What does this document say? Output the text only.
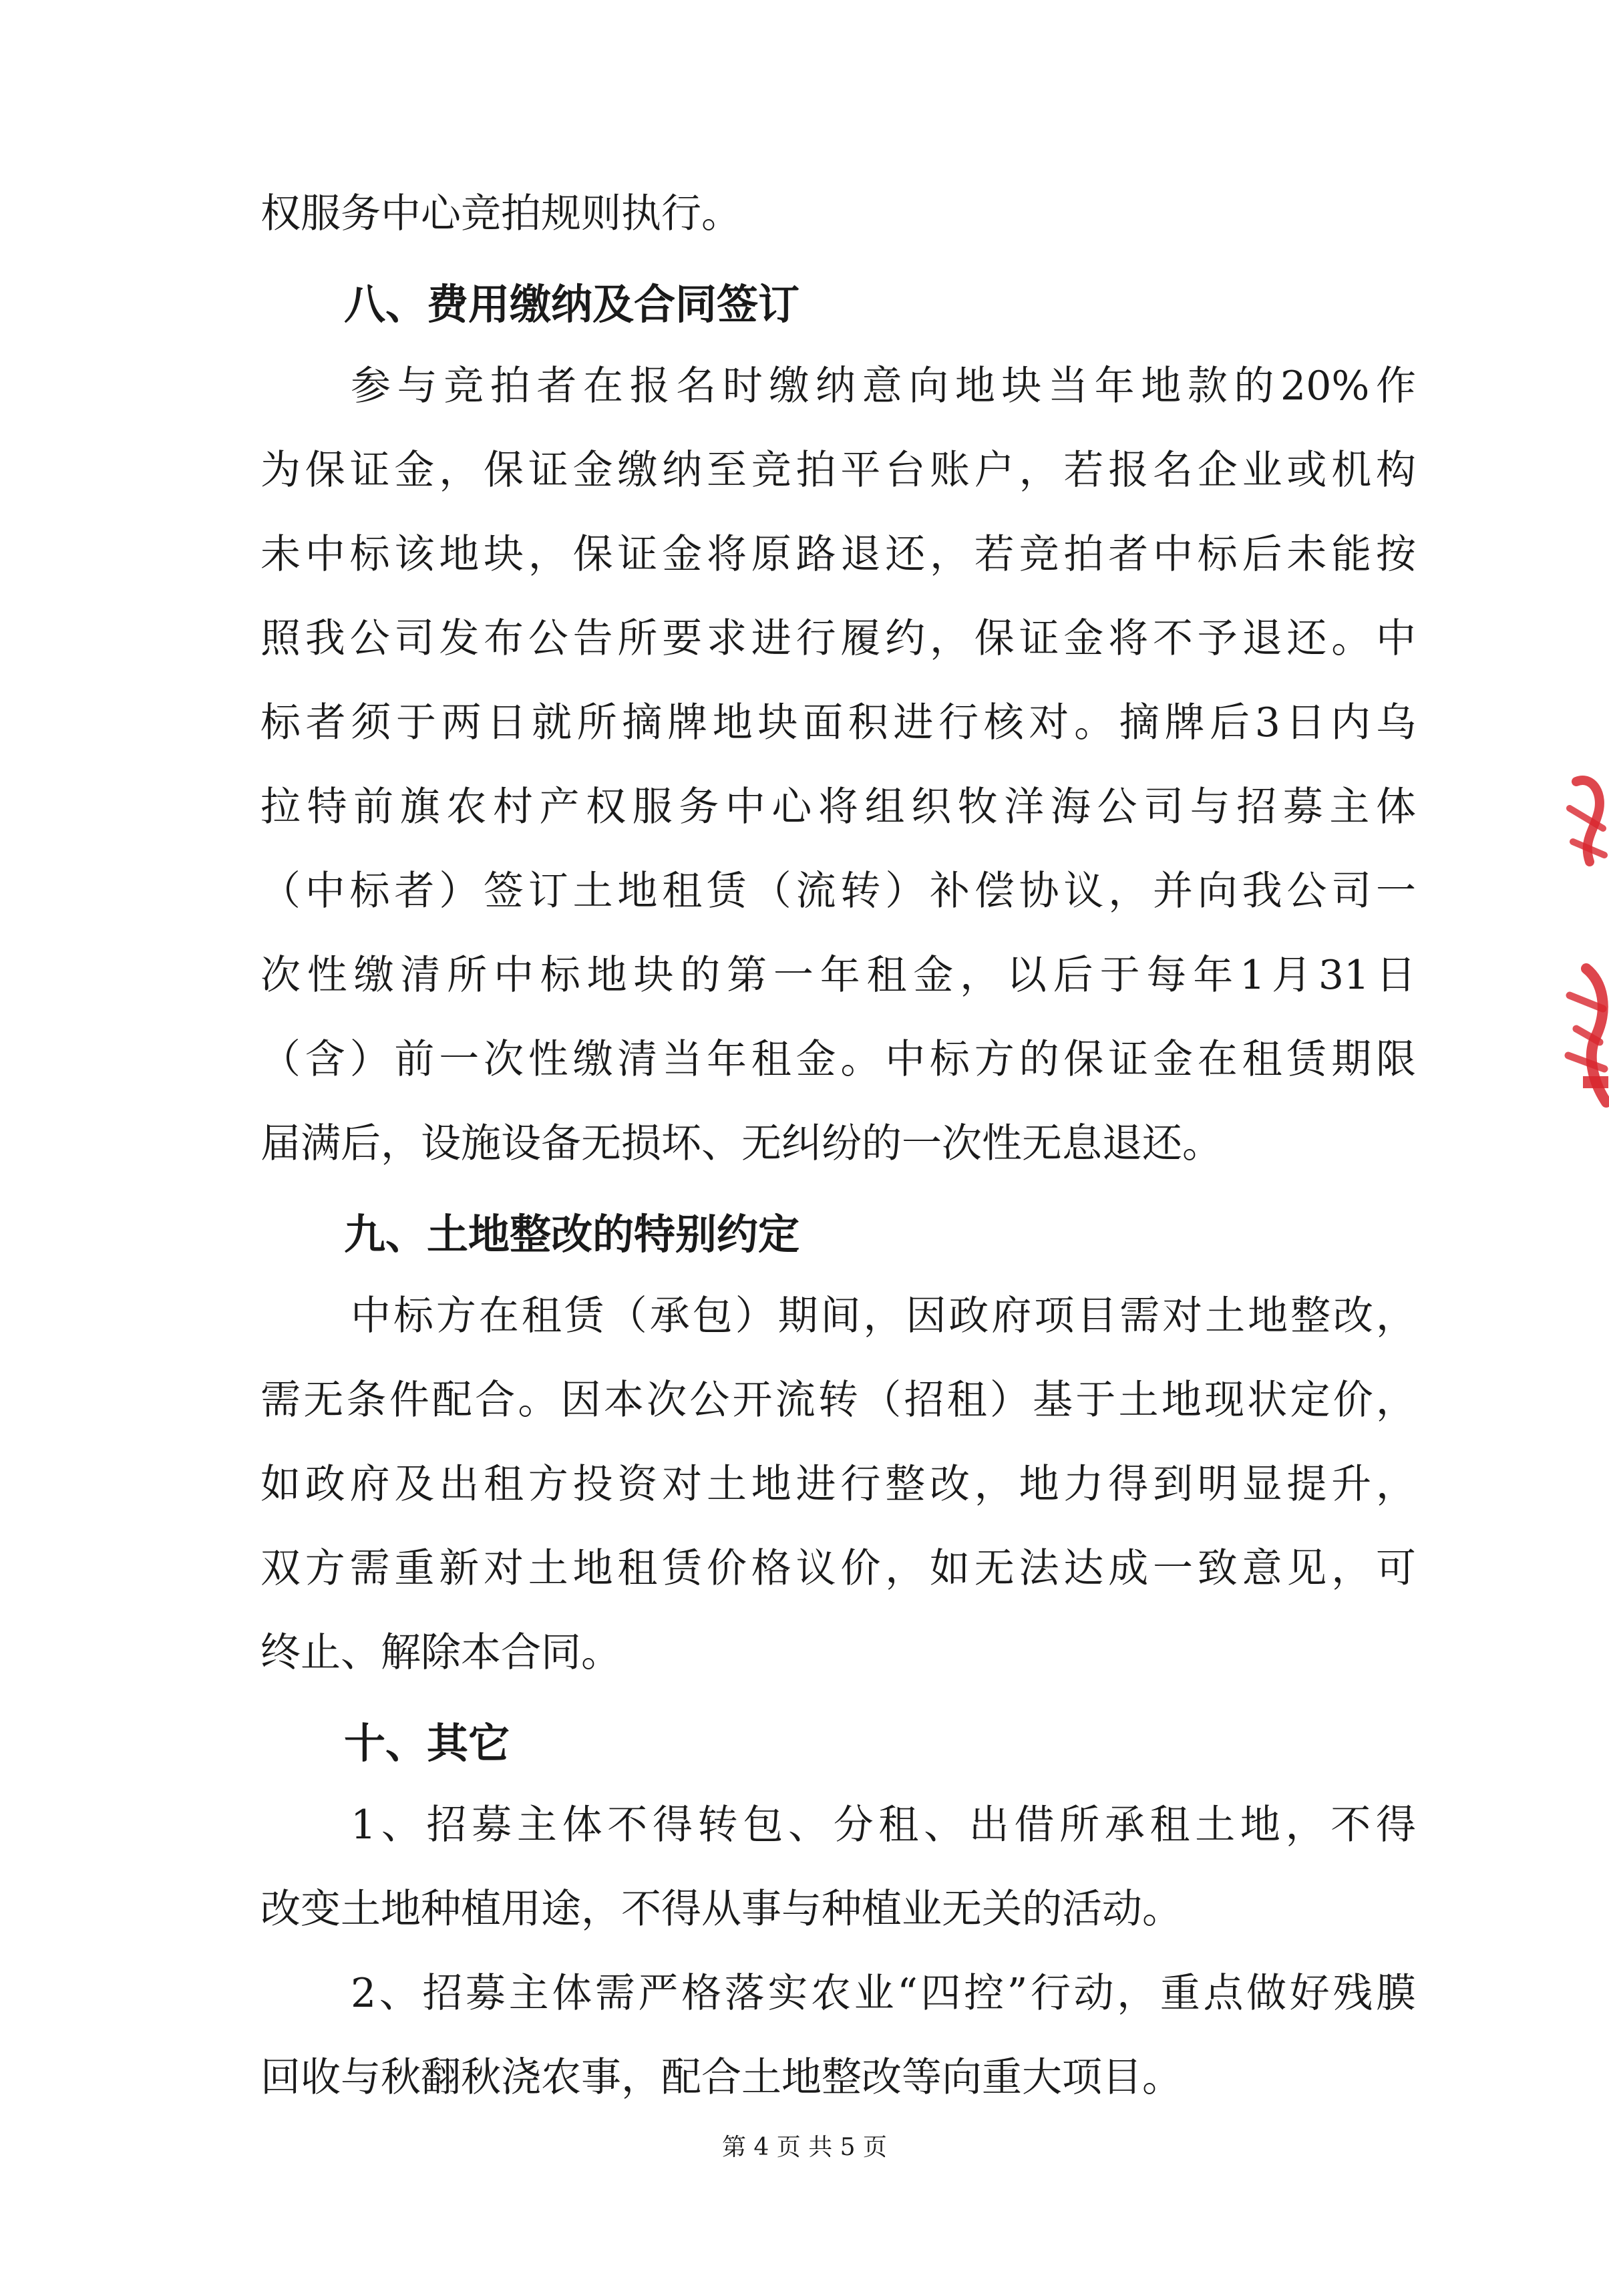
权服务中心竞拍规则执行。
八、费用缴纳及合同签订
参与竞拍者在报名时缴纳意向地块当年地款的20%作
为保证金，保证金缴纳至竞拍平台账户，若报名企业或机构
未中标该地块，保证金将原路退还，若竞拍者中标后未能按
照我公司发布公告所要求进行履约，保证金将不予退还。中
标者须于两日就所摘牌地块面积进行核对。摘牌后3日内乌
拉特前旗农村产权服务中心将组织牧洋海公司与招募主体
（中标者）签订土地租赁（流转）补偿协议，并向我公司一
次性缴清所中标地块的第一年租金，以后于每年1月31日
（含）前一次性缴清当年租金。中标方的保证金在租赁期限
届满后，设施设备无损坏、无纠纷的一次性无息退还。
九、土地整改的特别约定
中标方在租赁（承包）期间，因政府项目需对土地整改，
需无条件配合。因本次公开流转（招租）基于土地现状定价，
如政府及出租方投资对土地进行整改，地力得到明显提升，
双方需重新对土地租赁价格议价，如无法达成一致意见，可
终止、解除本合同。
十、其它
1、招募主体不得转包、分租、出借所承租土地，不得
改变土地种植用途，不得从事与种植业无关的活动。
2、招募主体需严格落实农业“四控”行动，重点做好残膜
回收与秋翻秋浇农事，配合土地整改等向重大项目。
第 4 页 共 5 页
